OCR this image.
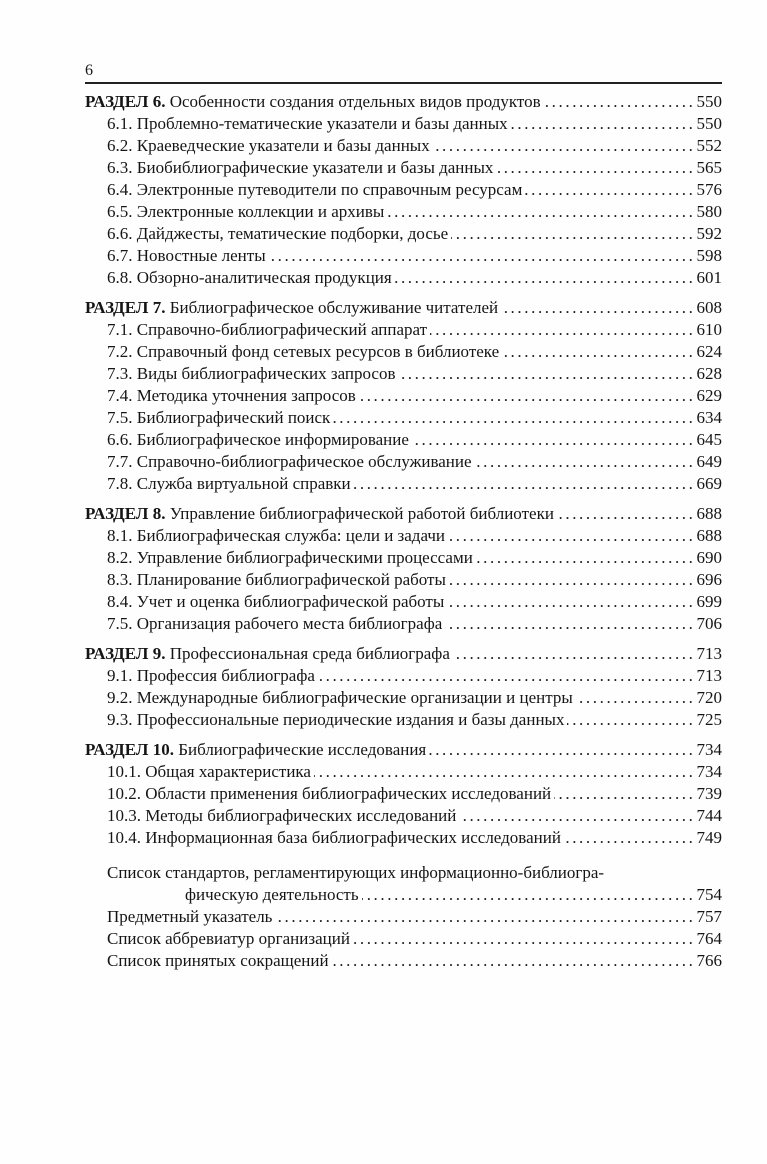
6
РАЗДЕЛ 6. Особенности создания отдельных видов продуктов .....	550
6.1. Проблемно-тематические указатели и базы данных .....	550
6.2. Краеведческие указатели и базы данных .....	552
6.3. Биобиблиографические указатели и базы данных .....	565
6.4. Электронные путеводители по справочным ресурсам .....	576
6.5. Электронные коллекции и архивы .....	580
6.6. Дайджесты, тематические подборки, досье .....	592
6.7. Новостные ленты .....	598
6.8. Обзорно-аналитическая продукция .....	601
РАЗДЕЛ 7. Библиографическое обслуживание читателей .....	608
7.1. Справочно-библиографический аппарат .....	610
7.2. Справочный фонд сетевых ресурсов в библиотеке .....	624
7.3. Виды библиографических запросов .....	628
7.4. Методика уточнения запросов .....	629
7.5. Библиографический поиск .....	634
6.6. Библиографическое информирование .....	645
7.7. Справочно-библиографическое обслуживание .....	649
7.8. Служба виртуальной справки .....	669
РАЗДЕЛ 8. Управление библиографической работой библиотеки .....	688
8.1. Библиографическая служба: цели и задачи .....	688
8.2. Управление библиографическими процессами .....	690
8.3. Планирование библиографической работы .....	696
8.4. Учет и оценка библиографической работы .....	699
7.5. Организация рабочего места библиографа .....	706
РАЗДЕЛ 9. Профессиональная среда библиографа .....	713
9.1. Профессия библиографа .....	713
9.2. Международные библиографические организации и центры .....	720
9.3. Профессиональные периодические издания и базы данных .....	725
РАЗДЕЛ 10. Библиографические исследования .....	734
10.1. Общая характеристика .....	734
10.2. Области применения библиографических исследований .....	739
10.3. Методы библиографических исследований .....	744
10.4. Информационная база библиографических исследований .....	749
Список стандартов, регламентирующих информационно-библиогра-
фическую деятельность .....	754
Предметный указатель .....	757
Список аббревиатур организаций .....	764
Список принятых сокращений .....	766
